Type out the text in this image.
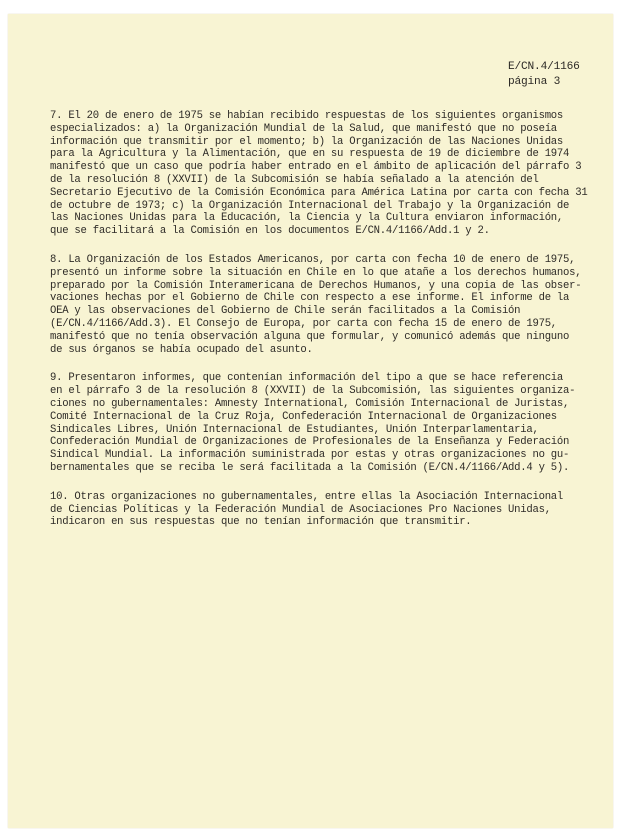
E/CN.4/1166
página 3
7. El 20 de enero de 1975 se habían recibido respuestas de los siguientes organismos
especializados: a) la Organización Mundial de la Salud, que manifestó que no poseía
información que transmitir por el momento; b) la Organización de las Naciones Unidas
para la Agricultura y la Alimentación, que en su respuesta de 19 de diciembre de 1974
manifestó que un caso que podría haber entrado en el ámbito de aplicación del párrafo 3
de la resolución 8 (XXVII) de la Subcomisión se había señalado a la atención del
Secretario Ejecutivo de la Comisión Económica para América Latina por carta con fecha 31
de octubre de 1973; c) la Organización Internacional del Trabajo y la Organización de
las Naciones Unidas para la Educación, la Ciencia y la Cultura enviaron información,
que se facilitará a la Comisión en los documentos E/CN.4/1166/Add.1 y 2.
8. La Organización de los Estados Americanos, por carta con fecha 10 de enero de 1975,
presentó un informe sobre la situación en Chile en lo que atañe a los derechos humanos,
preparado por la Comisión Interamericana de Derechos Humanos, y una copia de las obser-
vaciones hechas por el Gobierno de Chile con respecto a ese informe. El informe de la
OEA y las observaciones del Gobierno de Chile serán facilitados a la Comisión
(E/CN.4/1166/Add.3). El Consejo de Europa, por carta con fecha 15 de enero de 1975,
manifestó que no tenía observación alguna que formular, y comunicó además que ninguno
de sus órganos se había ocupado del asunto.
9. Presentaron informes, que contenían información del tipo a que se hace referencia
en el párrafo 3 de la resolución 8 (XXVII) de la Subcomisión, las siguientes organiza-
ciones no gubernamentales: Amnesty International, Comisión Internacional de Juristas,
Comité Internacional de la Cruz Roja, Confederación Internacional de Organizaciones
Sindicales Libres, Unión Internacional de Estudiantes, Unión Interparlamentaria,
Confederación Mundial de Organizaciones de Profesionales de la Enseñanza y Federación
Sindical Mundial. La información suministrada por estas y otras organizaciones no gu-
bernamentales que se reciba le será facilitada a la Comisión (E/CN.4/1166/Add.4 y 5).
10. Otras organizaciones no gubernamentales, entre ellas la Asociación Internacional
de Ciencias Políticas y la Federación Mundial de Asociaciones Pro Naciones Unidas,
indicaron en sus respuestas que no tenían información que transmitir.
